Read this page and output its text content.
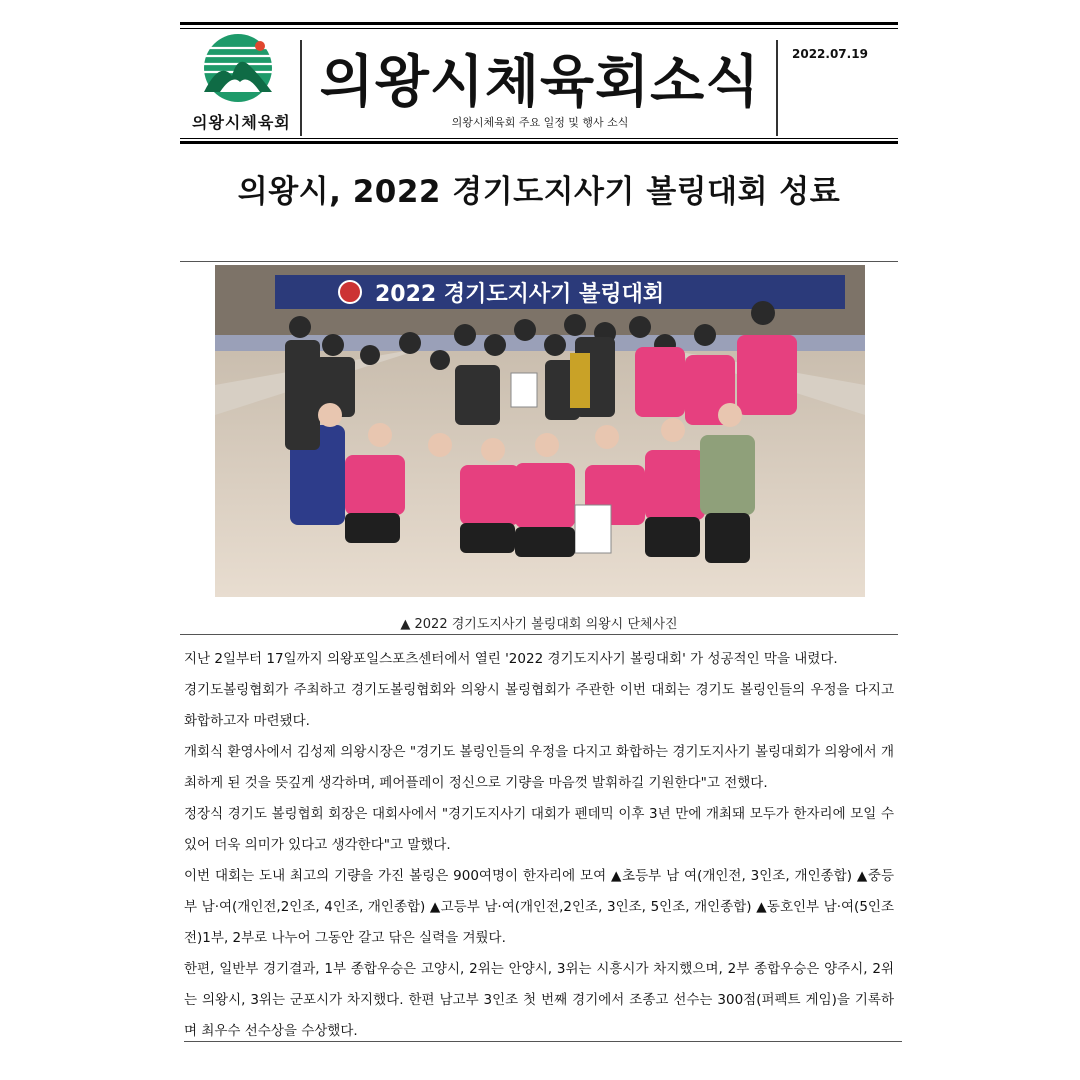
의왕시체육회
의왕시체육회소식
의왕시체육회 주요 일정 및 행사 소식
2022.07.19
의왕시, 2022 경기도지사기 볼링대회 성료
2022 경기도지사기 볼링대회
▲ 2022 경기도지사기 볼링대회 의왕시 단체사진

지난 2일부터 17일까지 의왕포일스포츠센터에서 열린 '2022 경기도지사기 볼링대회' 가 성공적인 막을 내렸다.

경기도볼링협회가 주최하고 경기도볼링협회와 의왕시 볼링협회가 주관한 이번 대회는 경기도 볼링인들의 우정을 다지고 화합하고자 마련됐다.

개회식 환영사에서 김성제 의왕시장은 "경기도 볼링인들의 우정을 다지고 화합하는 경기도지사기 볼링대회가 의왕에서 개최하게 된 것을 뜻깊게 생각하며, 페어플레이 정신으로 기량을 마음껏 발휘하길 기원한다"고 전했다.

정장식 경기도 볼링협회 회장은 대회사에서 "경기도지사기 대회가 펜데믹 이후 3년 만에 개최돼 모두가 한자리에 모일 수 있어 더욱 의미가 있다고 생각한다"고 말했다.

이번 대회는 도내 최고의 기량을 가진 볼링은 900여명이 한자리에 모여 ▲초등부 남 여(개인전, 3인조, 개인종합) ▲중등부 남·여(개인전,2인조, 4인조, 개인종합) ▲고등부 남·여(개인전,2인조, 3인조, 5인조, 개인종합) ▲동호인부 남·여(5인조전)1부, 2부로 나누어 그동안 갈고 닦은 실력을 겨뤘다.

한편, 일반부 경기결과, 1부 종합우승은 고양시, 2위는 안양시, 3위는 시흥시가 차지했으며, 2부 종합우승은 양주시, 2위는 의왕시, 3위는 군포시가 차지했다. 한편 남고부 3인조 첫 번째 경기에서 조종고 선수는 300점(퍼펙트 게임)을 기록하며 최우수 선수상을 수상했다.
